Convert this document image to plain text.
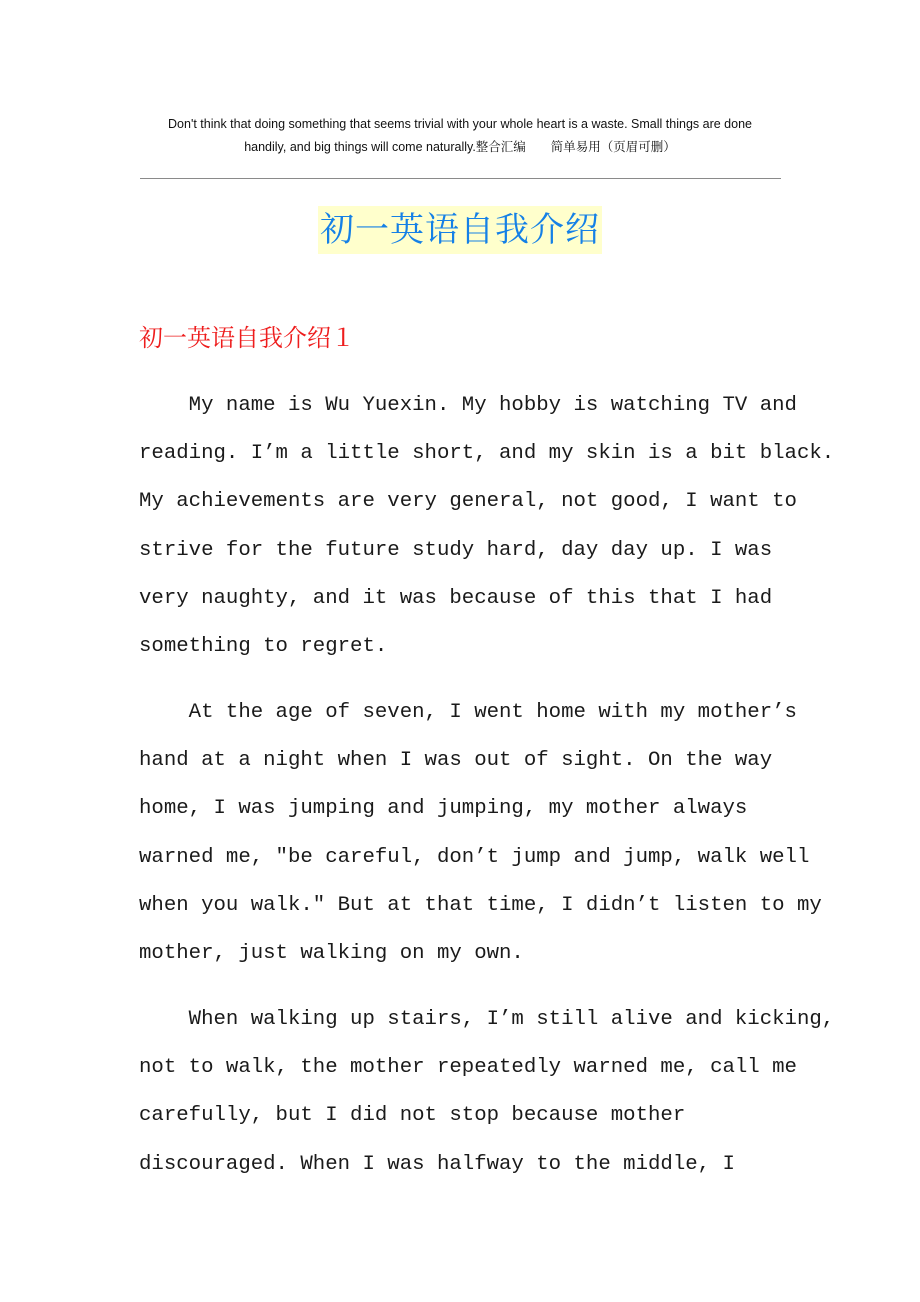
Don't think that doing something that seems trivial with your whole heart is a waste. Small things are done
handily, and big things will come naturally.整合汇编　　简单易用（页眉可删）
初一英语自我介绍
初一英语自我介绍１
My name is Wu Yuexin. My hobby is watching TV and
reading. I’m a little short, and my skin is a bit black.
My achievements are very general, not good, I want to
strive for the future study hard, day day up. I was
very naughty, and it was because of this that I had
something to regret.
At the age of seven, I went home with my mother’s
hand at a night when I was out of sight. On the way
home, I was jumping and jumping, my mother always
warned me, ″be careful, don’t jump and jump, walk well
when you walk.″ But at that time, I didn’t listen to my
mother, just walking on my own.
When walking up stairs, I’m still alive and kicking,
not to walk, the mother repeatedly warned me, call me
carefully, but I did not stop because mother
discouraged. When I was halfway to the middle, I
